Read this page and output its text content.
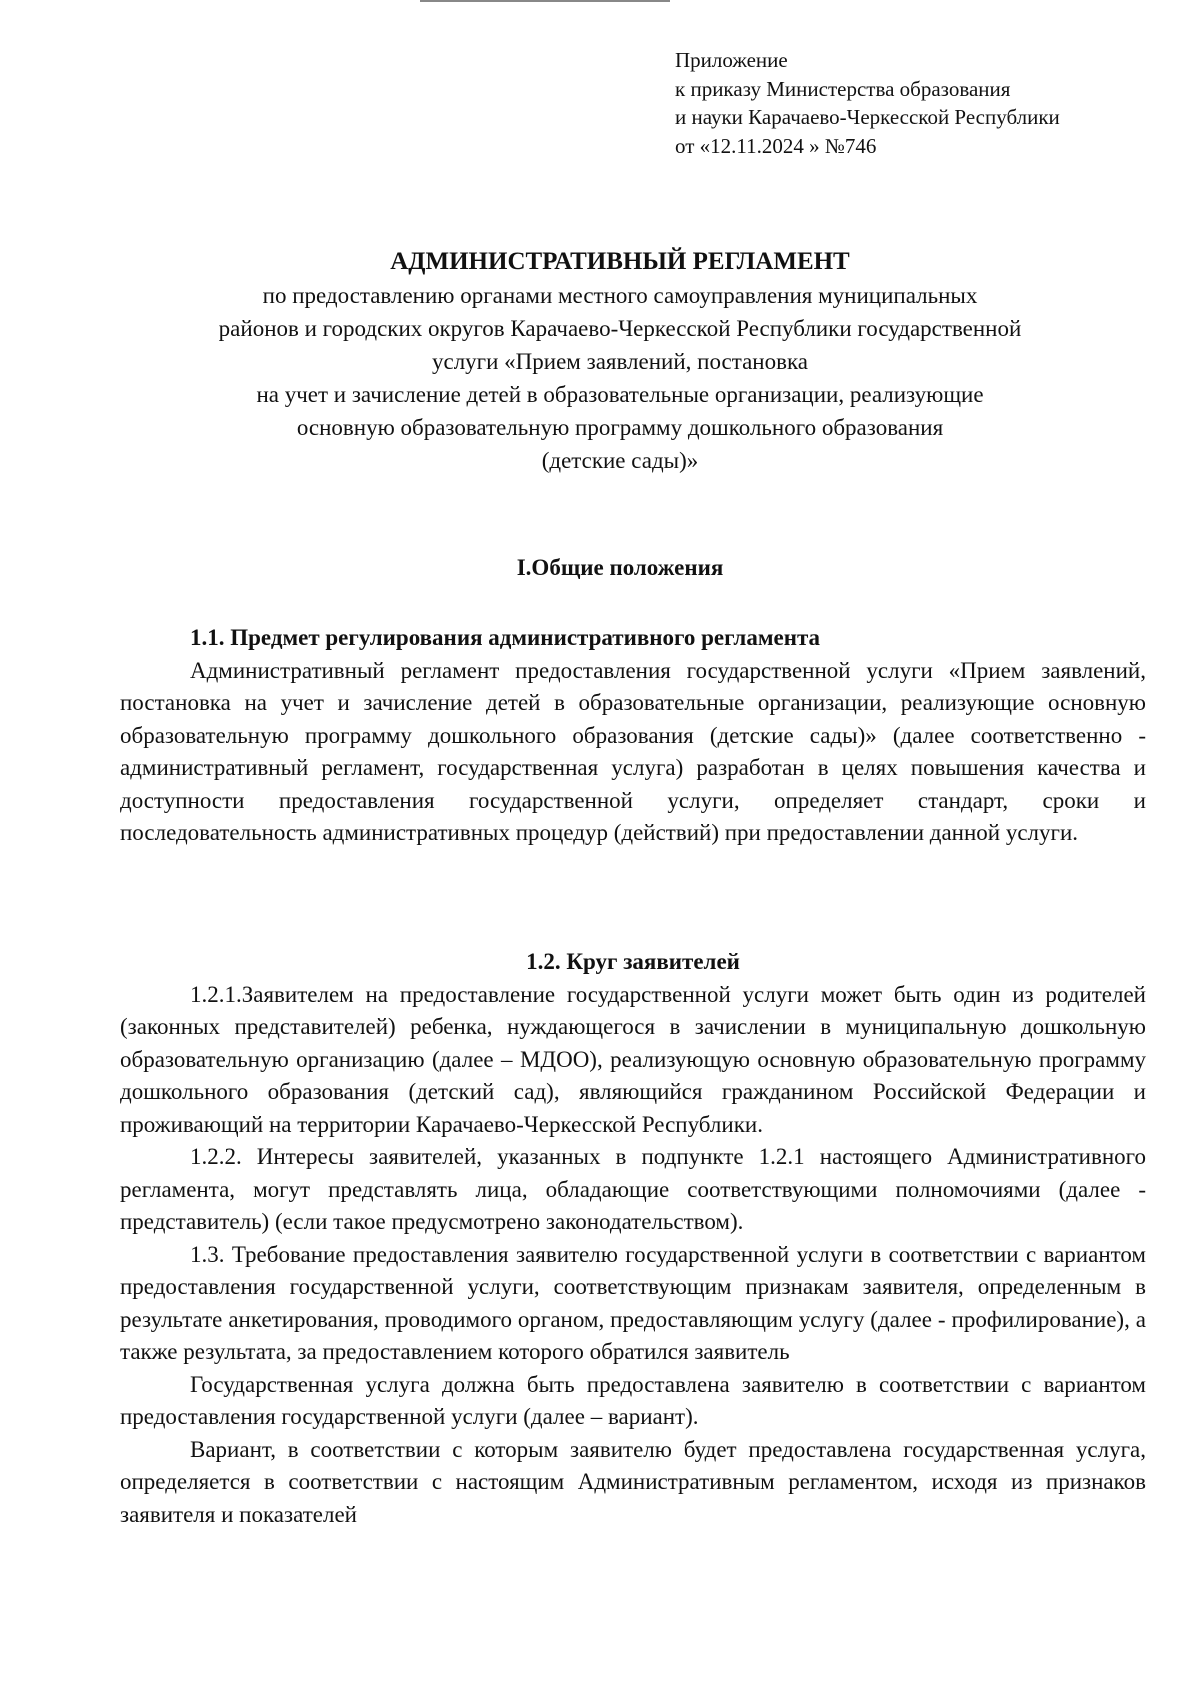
Приложение
к приказу Министерства образования
и науки Карачаево-Черкесской Республики
от «12.11.2024 » №746
АДМИНИСТРАТИВНЫЙ РЕГЛАМЕНТ
по предоставлению органами местного самоуправления муниципальных
районов и городских округов Карачаево-Черкесской Республики государственной
услуги «Прием заявлений, постановка
на учет и зачисление детей в образовательные организации, реализующие
основную образовательную программу дошкольного образования
(детские сады)»
I.Общие положения

1.1. Предмет регулирования административного регламента

Административный регламент предоставления государственной услуги «Прием заявлений, постановка на учет и зачисление детей в образовательные организации, реализующие основную образовательную программу дошкольного образования (детские сады)» (далее соответственно - административный регламент, государственная услуга) разработан в целях повышения качества и доступности предоставления государственной услуги, определяет стандарт, сроки и последовательность административных процедур (действий) при предоставлении данной услуги.

1.2. Круг заявителей

1.2.1.Заявителем на предоставление государственной услуги может быть один из родителей (законных представителей) ребенка, нуждающегося в зачислении в муниципальную дошкольную образовательную организацию (далее – МДОО), реализующую основную образовательную программу дошкольного образования (детский сад), являющийся гражданином Российской Федерации и проживающий на территории Карачаево-Черкесской Республики.

1.2.2. Интересы заявителей, указанных в подпункте 1.2.1 настоящего Административного регламента, могут представлять лица, обладающие соответствующими полномочиями (далее - представитель) (если такое предусмотрено законодательством).

1.3. Требование предоставления заявителю государственной услуги в соответствии с вариантом предоставления государственной услуги, соответствующим признакам заявителя, определенным в результате анкетирования, проводимого органом, предоставляющим услугу (далее - профилирование), а также результата, за предоставлением которого обратился заявитель

Государственная услуга должна быть предоставлена заявителю в соответствии с вариантом предоставления государственной услуги (далее – вариант).

Вариант, в соответствии с которым заявителю будет предоставлена государственная услуга, определяется в соответствии с настоящим Административным регламентом, исходя из признаков заявителя и показателей
